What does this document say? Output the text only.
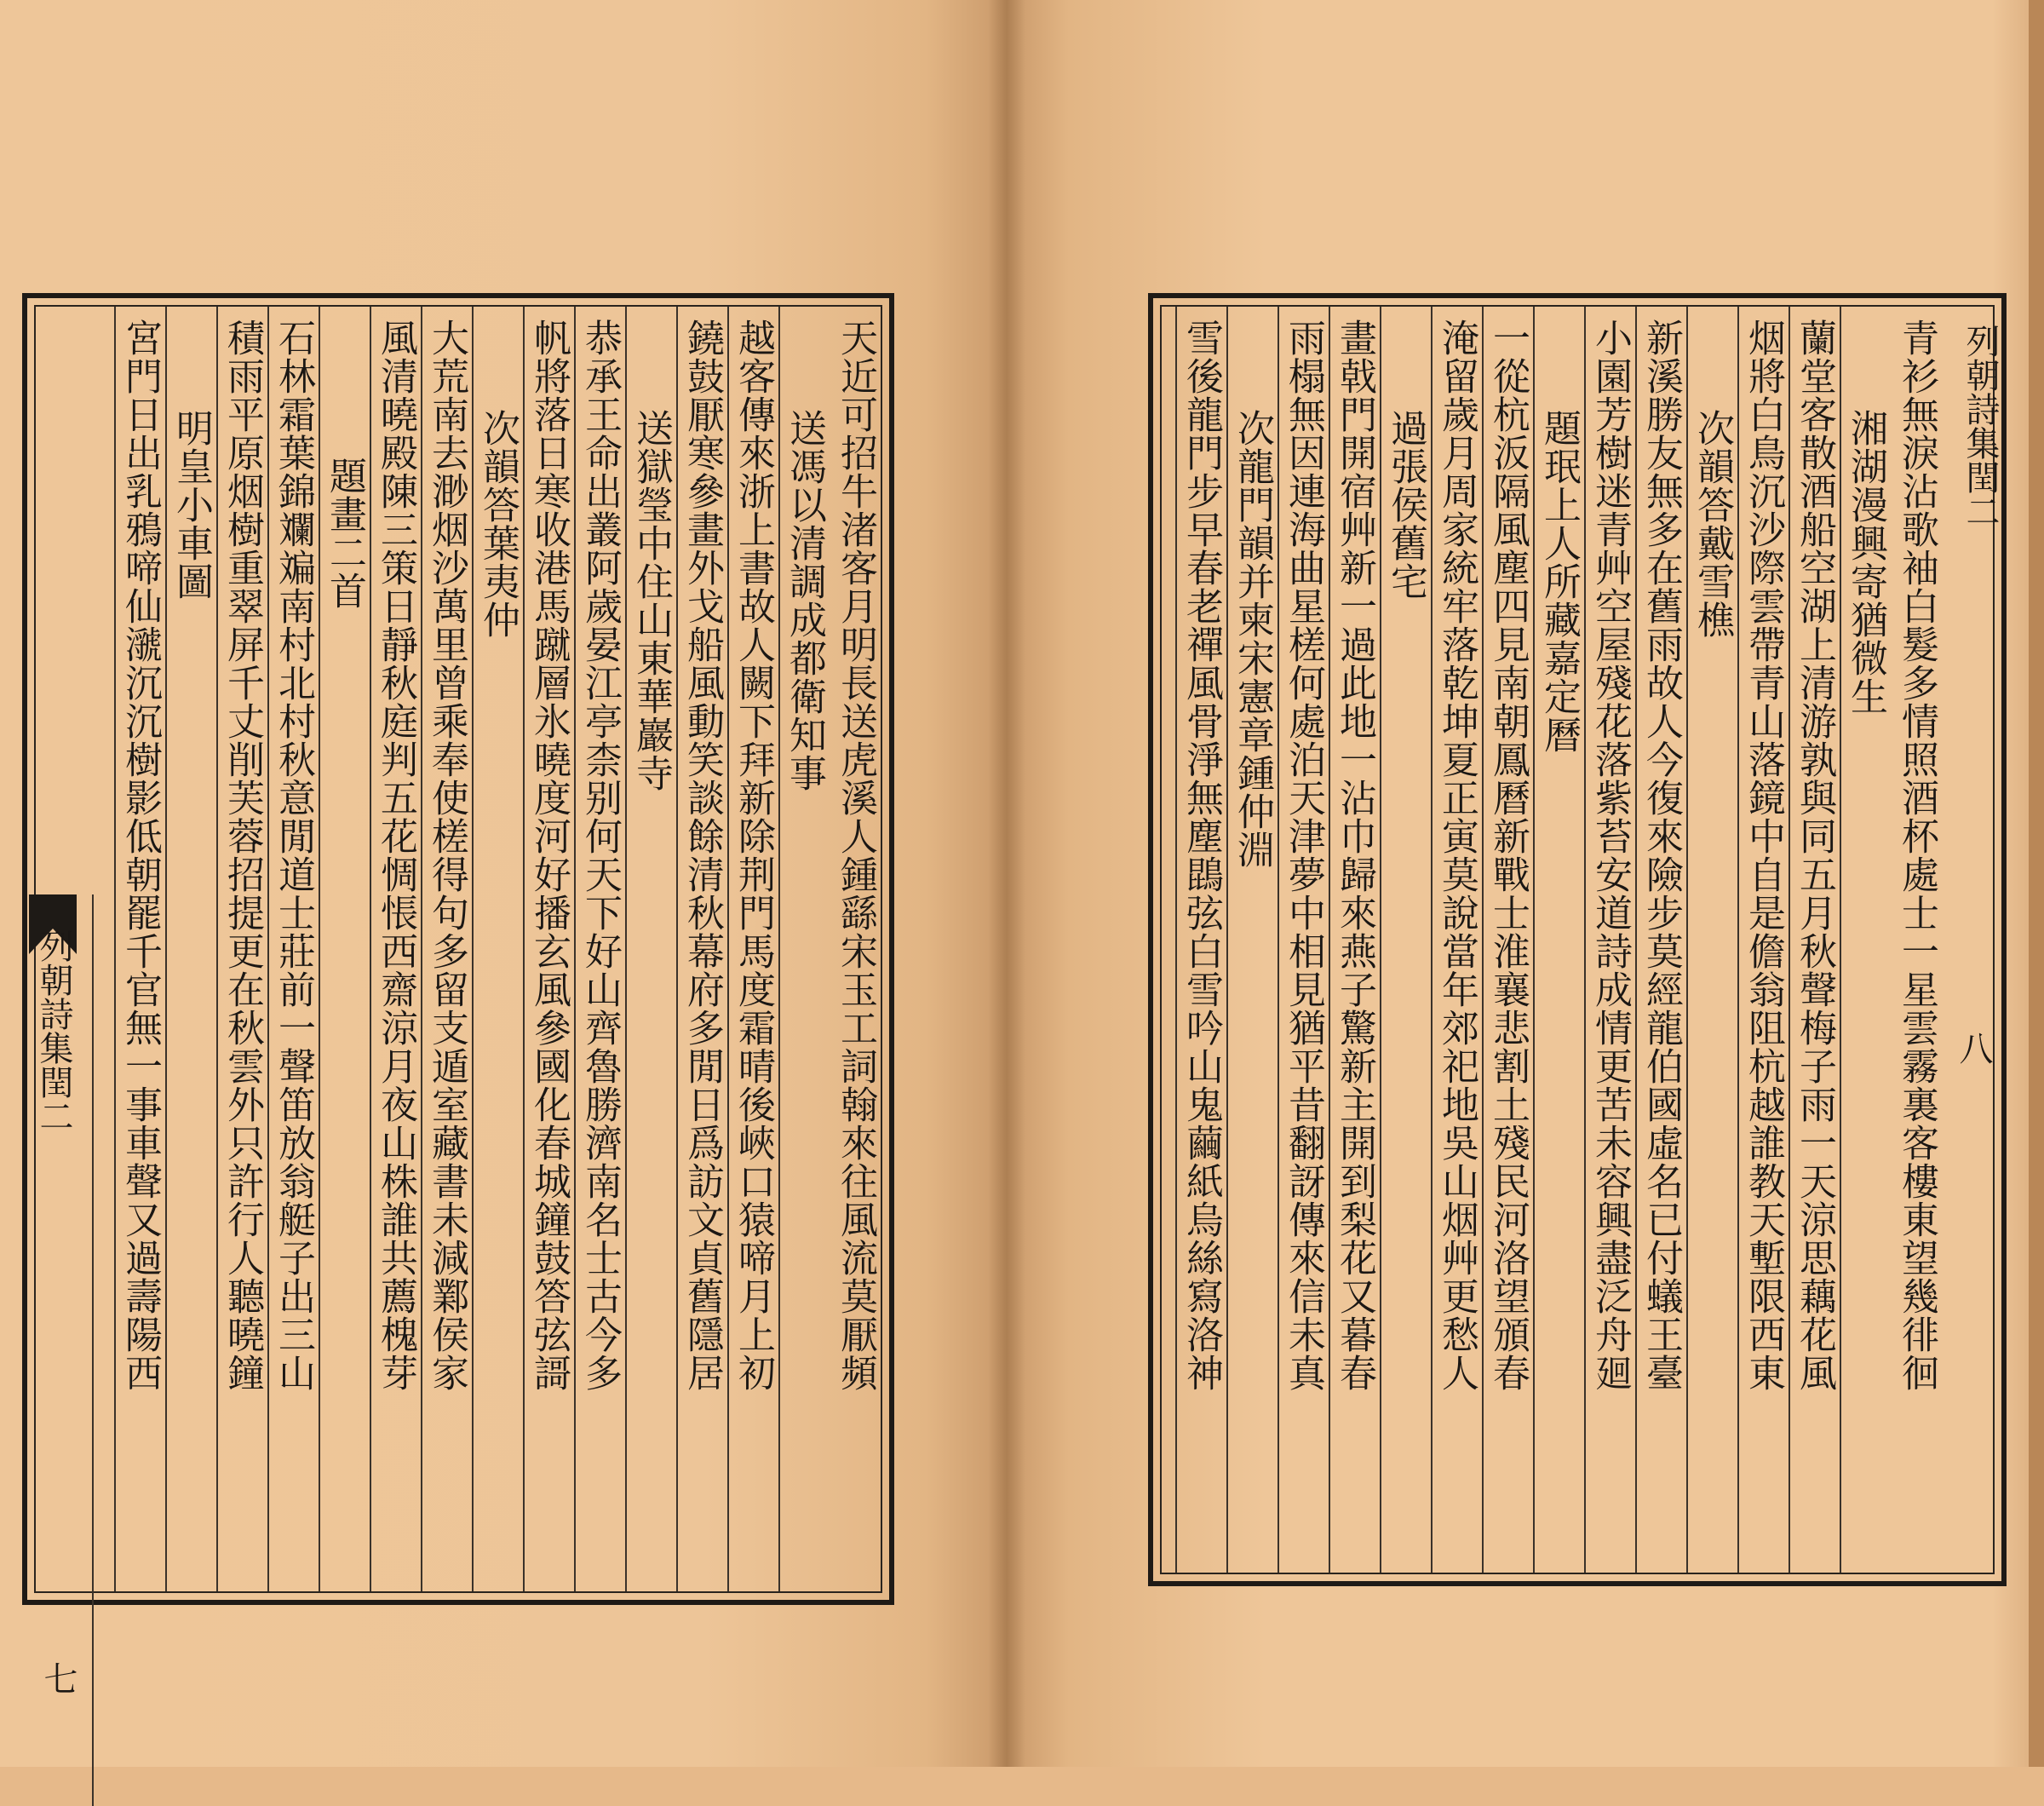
天近可招牛渚客月明長送虎溪人鍾繇宋玉工詞翰來往風流莫厭頻
送馮以清調成都衛知事
越客傳來浙上書故人闕下拜新除荆門馬度霜晴後峽口猿啼月上初
鐃鼓厭寒參畫外戈船風動笑談餘清秋幕府多閒日爲訪文貞舊隱居
送獄瑩中住山東華巖寺
恭承王命出叢阿歲晏江亭柰别何天下好山齊魯勝濟南名士古今多
帆將落日寒收港馬蹴層氷曉度河好播玄風參國化春城鐘鼓答弦謌
次韻答葉夷仲
大荒南去渺烟沙萬里曾乘奉使槎得句多留支遁室藏書未減鄴侯家
風清曉殿陳三策日靜秋庭判五花惆悵西齋涼月夜山株誰共薦槐芽
題畫二首
石林霜葉錦斕斒南村北村秋意閒道士莊前一聲笛放翁艇子出三山
積雨平原烟樹重翠屏千丈削芙蓉招提更在秋雲外只許行人聽曉鐘
明皇小車圖
宮門日出乳鴉啼仙㶁沉沉樹影低朝罷千官無一事車聲又過壽陽西
列朝詩集閏二
七
青衫無淚沾歌袖白髮多情照酒杯處士一星雲霧裏客樓東望幾徘徊
湘湖漫興寄猶微生
蘭堂客散酒船空湖上清游孰與同五月秋聲梅子雨一天涼思藕花風
烟將白鳥沉沙際雲帶青山落鏡中自是儋翁阻杭越誰教天塹限西東
次韻答戴雪樵
新溪勝友無多在舊雨故人今復來險步莫經龍伯國虛名已付蟻王臺
小園芳樹迷青艸空屋殘花落紫苔安道詩成情更苦未容興盡泛舟廻
題珉上人所藏嘉定曆
一從杭汳隔風塵四見南朝鳳曆新戰士淮襄悲割土殘民河洛望頒春
淹留歲月周家統牢落乾坤夏正寅莫說當年郊祀地吳山烟艸更愁人
過張侯舊宅
畫戟門開宿艸新一過此地一沾巾歸來燕子驚新主開到梨花又暮春
雨榻無因連海曲星槎何處泊天津夢中相見猶平昔翻訝傳來信未真
次龍門韻并柬宋憲章鍾仲淵
雪後龍門步早春老禪風骨淨無塵鵾弦白雪吟山鬼繭紙烏絲寫洛神	列朝詩集閏二
八
